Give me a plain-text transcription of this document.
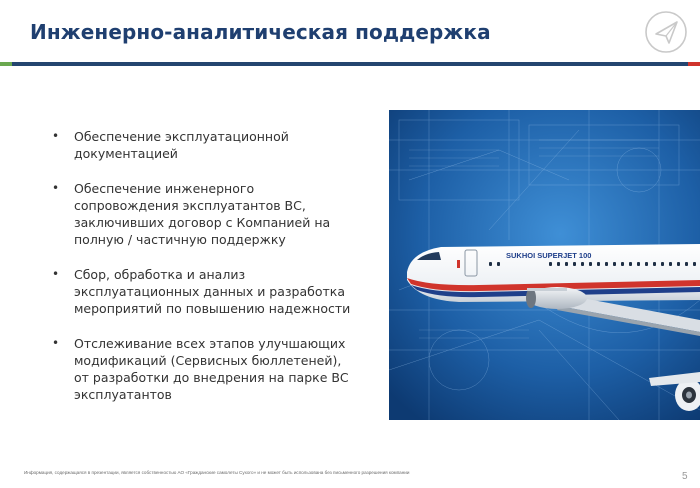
Инженерно-аналитическая поддержка
• Обеспечение эксплуатационной документацией
• Обеспечение инженерного сопровождения эксплуатантов ВС, заключивших договор с Компанией на полную / частичную поддержку
• Сбор, обработка и анализ эксплуатационных данных и разработка мероприятий по повышению надежности
• Отслеживание всех этапов улучшающих модификаций (Сервисных бюллетеней), от разработки до внедрения на парке ВС эксплуатантов
SUKHOI SUPERJET 100
Информация, содержащаяся в презентации, является собственностью АО «Гражданские самолеты Сухого» и не может быть использована без письменного разрешения компании	5
